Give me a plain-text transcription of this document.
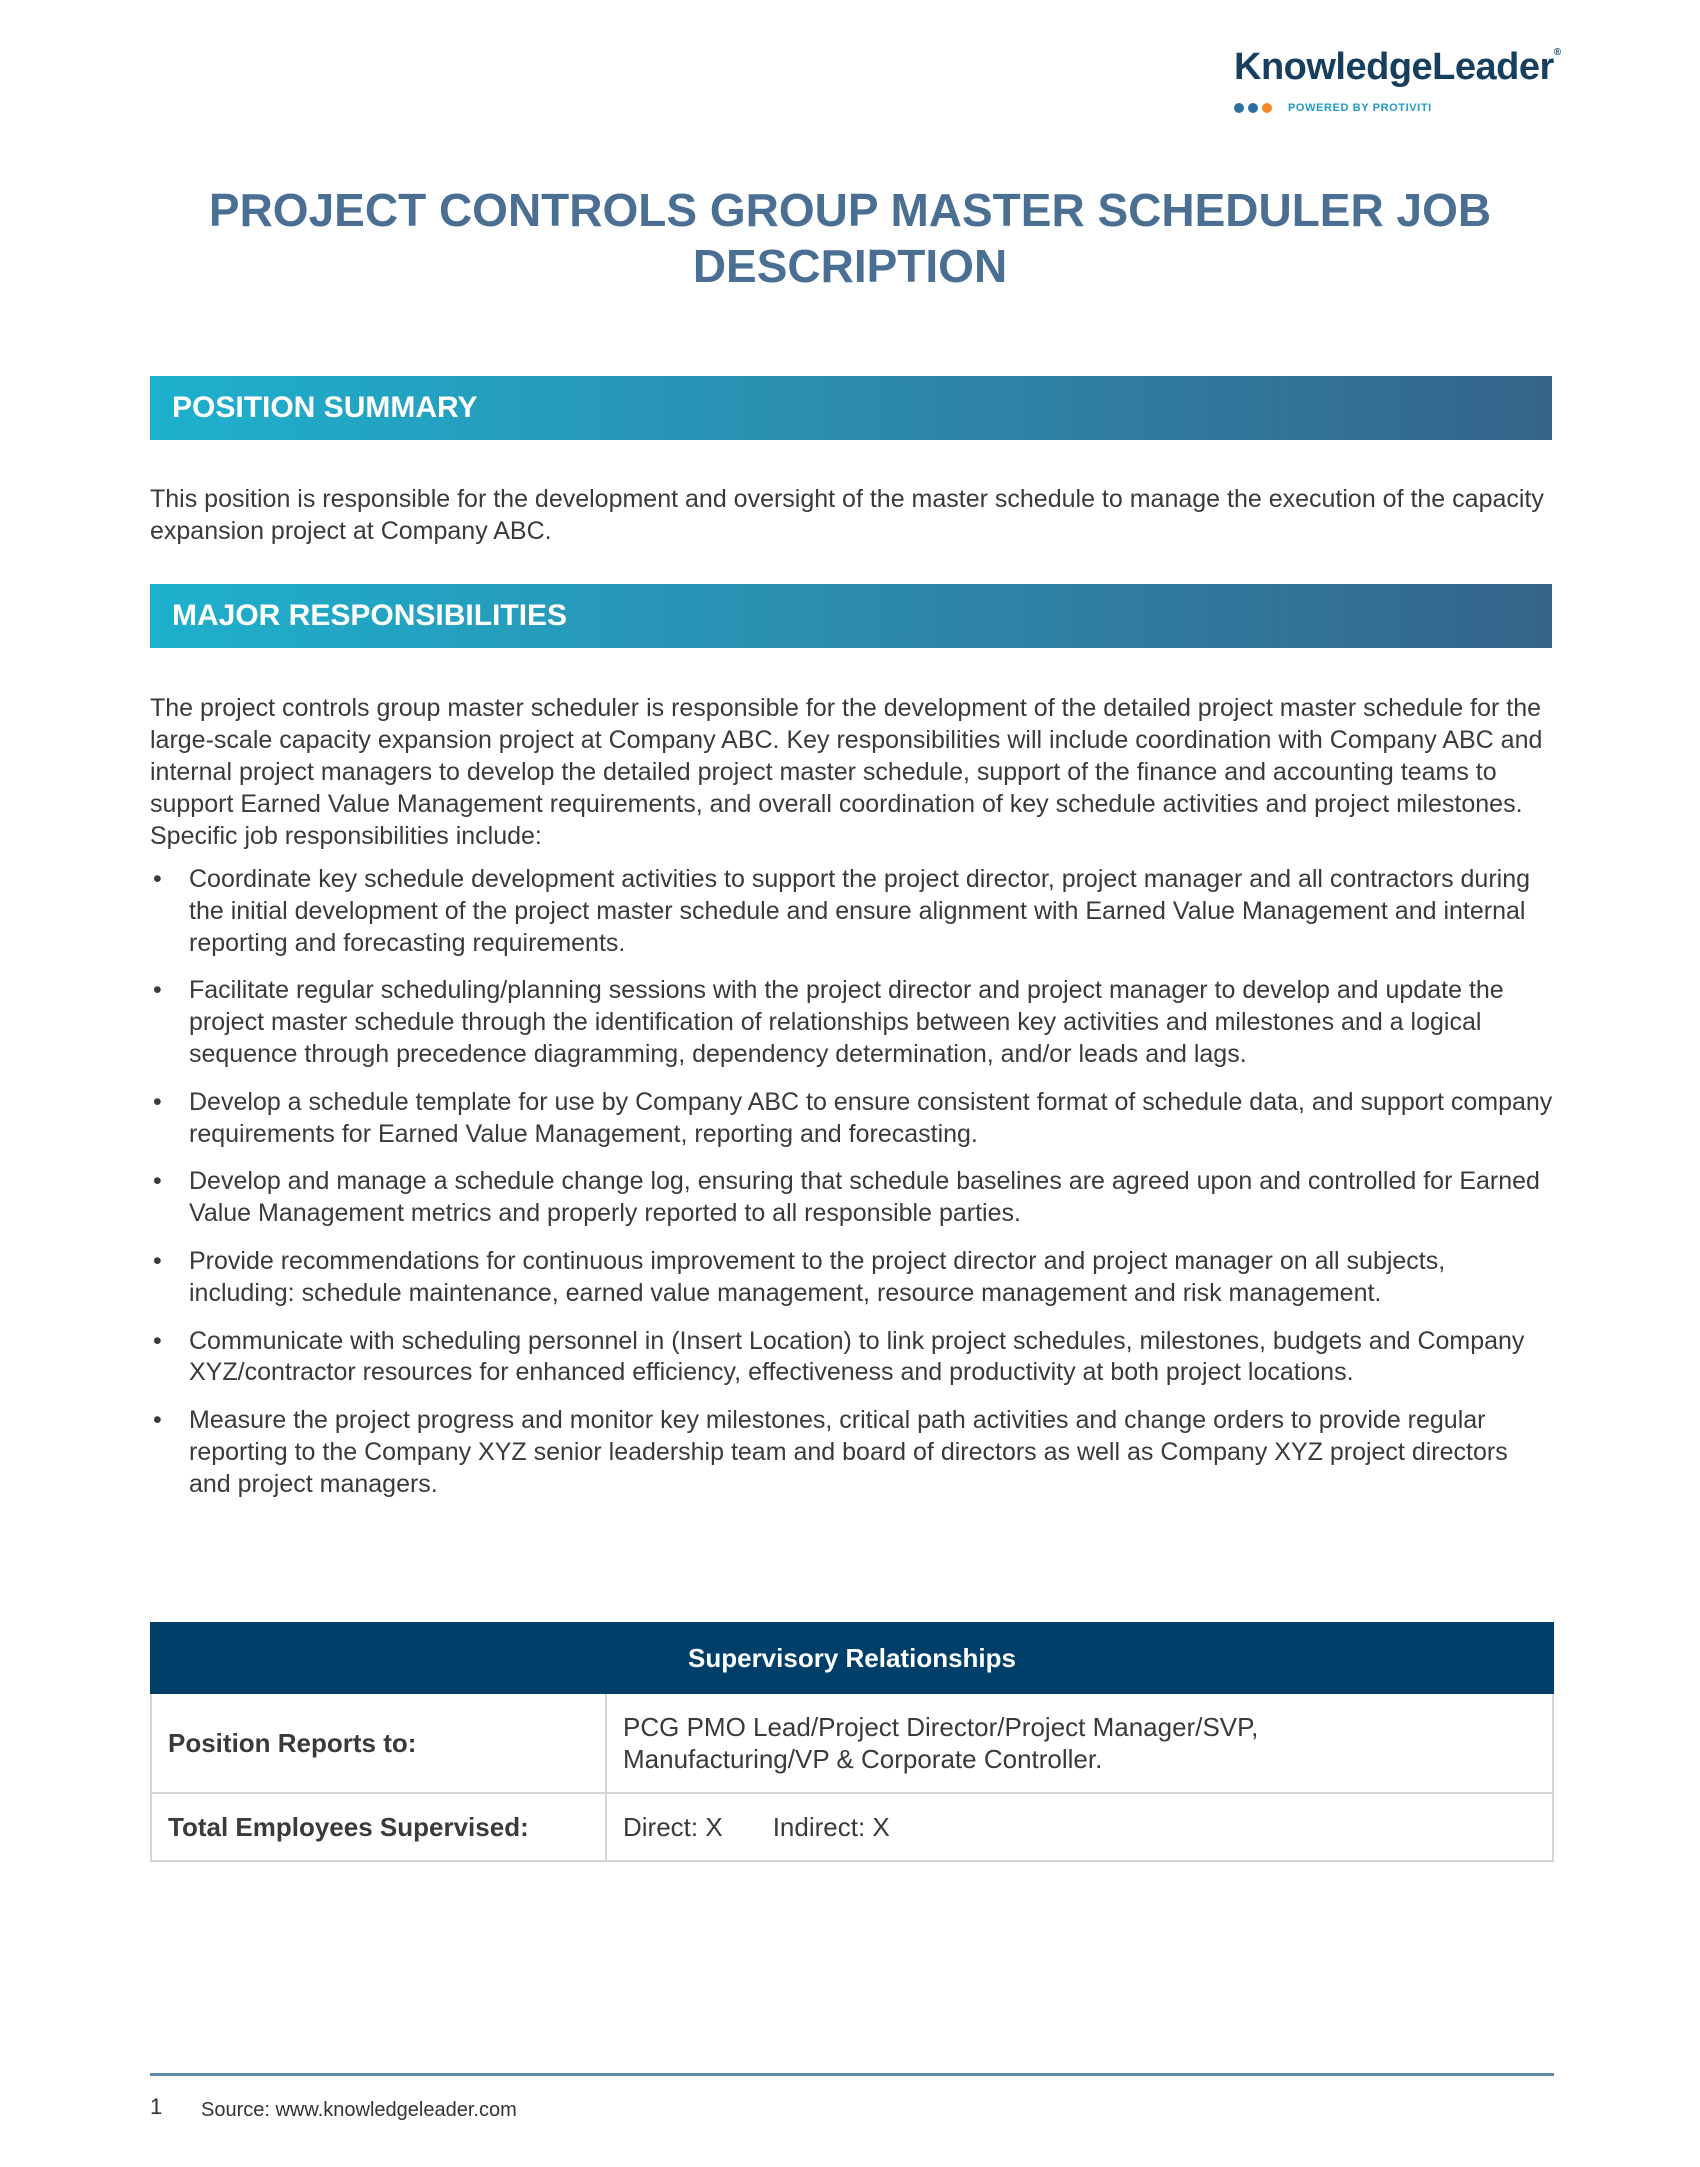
KnowledgeLeader®
POWERED BY PROTIVITI
PROJECT CONTROLS GROUP MASTER SCHEDULER JOB DESCRIPTION
POSITION SUMMARY

This position is responsible for the development and oversight of the master schedule to manage the execution of the capacity expansion project at Company ABC.

MAJOR RESPONSIBILITIES

The project controls group master scheduler is responsible for the development of the detailed project master schedule for the large-scale capacity expansion project at Company ABC. Key responsibilities will include coordination with Company ABC and internal project managers to develop the detailed project master schedule, support of the finance and accounting teams to support Earned Value Management requirements, and overall coordination of key schedule activities and project milestones. Specific job responsibilities include:

• Coordinate key schedule development activities to support the project director, project manager and all contractors during the initial development of the project master schedule and ensure alignment with Earned Value Management and internal reporting and forecasting requirements.
• Facilitate regular scheduling/planning sessions with the project director and project manager to develop and update the project master schedule through the identification of relationships between key activities and milestones and a logical sequence through precedence diagramming, dependency determination, and/or leads and lags.
• Develop a schedule template for use by Company ABC to ensure consistent format of schedule data, and support company requirements for Earned Value Management, reporting and forecasting.
• Develop and manage a schedule change log, ensuring that schedule baselines are agreed upon and controlled for Earned Value Management metrics and properly reported to all responsible parties.
• Provide recommendations for continuous improvement to the project director and project manager on all subjects, including: schedule maintenance, earned value management, resource management and risk management.
• Communicate with scheduling personnel in (Insert Location) to link project schedules, milestones, budgets and Company XYZ/contractor resources for enhanced efficiency, effectiveness and productivity at both project locations.
• Measure the project progress and monitor key milestones, critical path activities and change orders to provide regular reporting to the Company XYZ senior leadership team and board of directors as well as Company XYZ project directors and project managers.
Supervisory Relationships	
Position Reports to:	PCG PMO Lead/Project Director/Project Manager/SVP,
Manufacturing/VP & Corporate Controller.

Total Employees Supervised:	Direct: X Indirect: X
1 Source: www.knowledgeleader.com
